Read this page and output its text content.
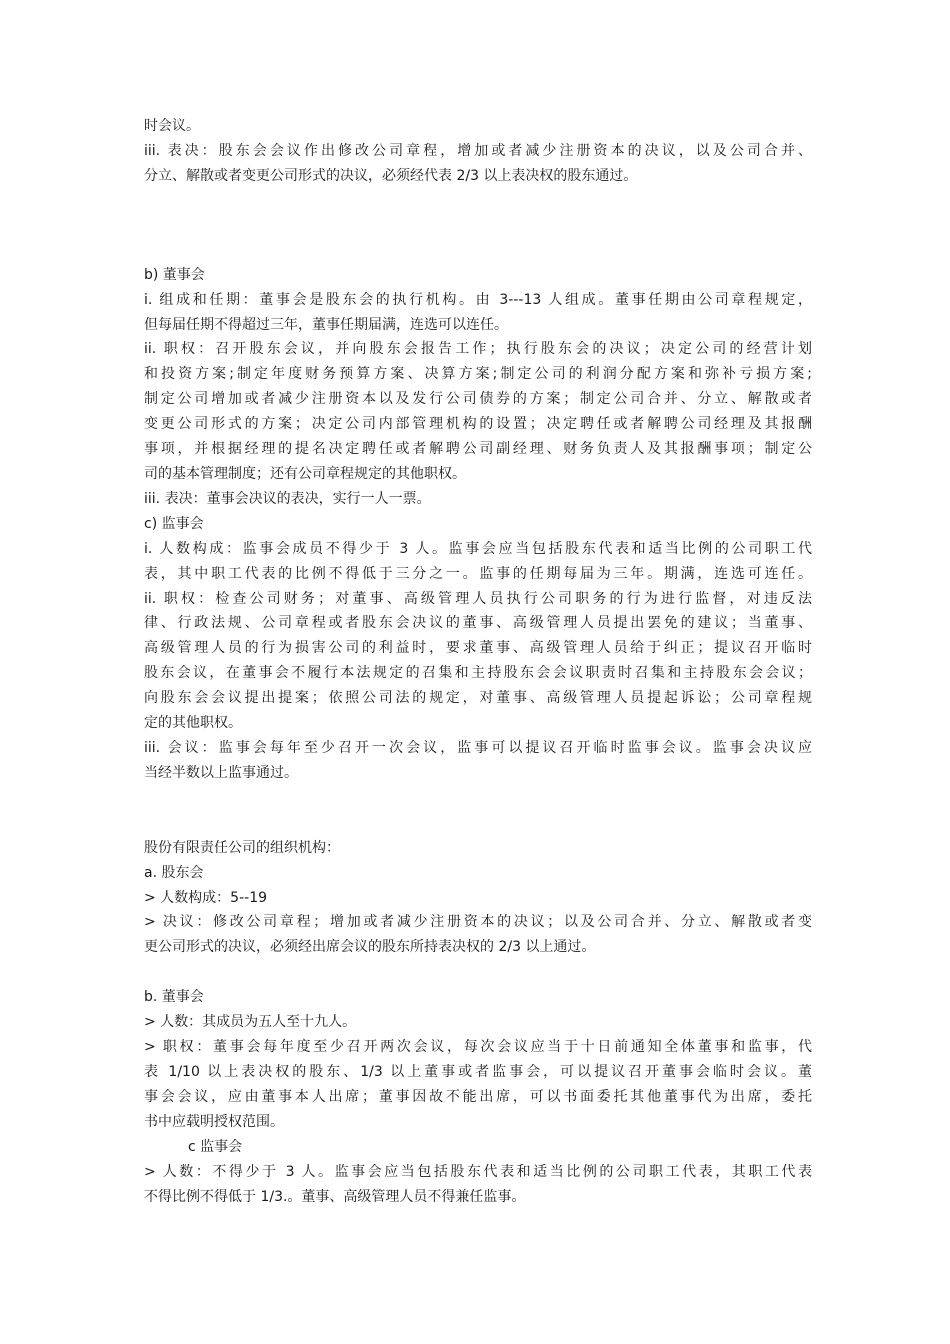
时会议。
iii. 表决：股东会会议作出修改公司章程，增加或者减少注册资本的决议，以及公司合并、
分立、解散或者变更公司形式的决议，必须经代表 2/3 以上表决权的股东通过。
b) 董事会
i. 组成和任期：董事会是股东会的执行机构。由 3---13 人组成。董事任期由公司章程规定，
但每届任期不得超过三年，董事任期届满，连选可以连任。
ii. 职权：召开股东会议，并向股东会报告工作；执行股东会的决议；决定公司的经营计划
和投资方案;制定年度财务预算方案、决算方案;制定公司的利润分配方案和弥补亏损方案;
制定公司增加或者减少注册资本以及发行公司债券的方案；制定公司合并、分立、解散或者
变更公司形式的方案；决定公司内部管理机构的设置；决定聘任或者解聘公司经理及其报酬
事项，并根据经理的提名决定聘任或者解聘公司副经理、财务负责人及其报酬事项；制定公
司的基本管理制度；还有公司章程规定的其他职权。
iii. 表决：董事会决议的表决，实行一人一票。
c) 监事会
i. 人数构成：监事会成员不得少于 3 人。监事会应当包括股东代表和适当比例的公司职工代
表，其中职工代表的比例不得低于三分之一。监事的任期每届为三年。期满，连选可连任。
ii. 职权：检查公司财务；对董事、高级管理人员执行公司职务的行为进行监督，对违反法
律、行政法规、公司章程或者股东会决议的董事、高级管理人员提出罢免的建议；当董事、
高级管理人员的行为损害公司的利益时，要求董事、高级管理人员给于纠正；提议召开临时
股东会议，在董事会不履行本法规定的召集和主持股东会会议职责时召集和主持股东会会议；
向股东会会议提出提案；依照公司法的规定，对董事、高级管理人员提起诉讼；公司章程规
定的其他职权。
iii. 会议：监事会每年至少召开一次会议，监事可以提议召开临时监事会议。监事会决议应
当经半数以上监事通过。
股份有限责任公司的组织机构：
a. 股东会
> 人数构成：5--19
> 决议：修改公司章程；增加或者减少注册资本的决议；以及公司合并、分立、解散或者变
更公司形式的决议，必须经出席会议的股东所持表决权的 2/3 以上通过。
b. 董事会
> 人数：其成员为五人至十九人。
> 职权：董事会每年度至少召开两次会议，每次会议应当于十日前通知全体董事和监事，代
表 1/10 以上表决权的股东、1/3 以上董事或者监事会，可以提议召开董事会临时会议。董
事会会议，应由董事本人出席；董事因故不能出席，可以书面委托其他董事代为出席，委托
书中应载明授权范围。
c 监事会
> 人数：不得少于 3 人。监事会应当包括股东代表和适当比例的公司职工代表，其职工代表
不得比例不得低于 1/3.。董事、高级管理人员不得兼任监事。
